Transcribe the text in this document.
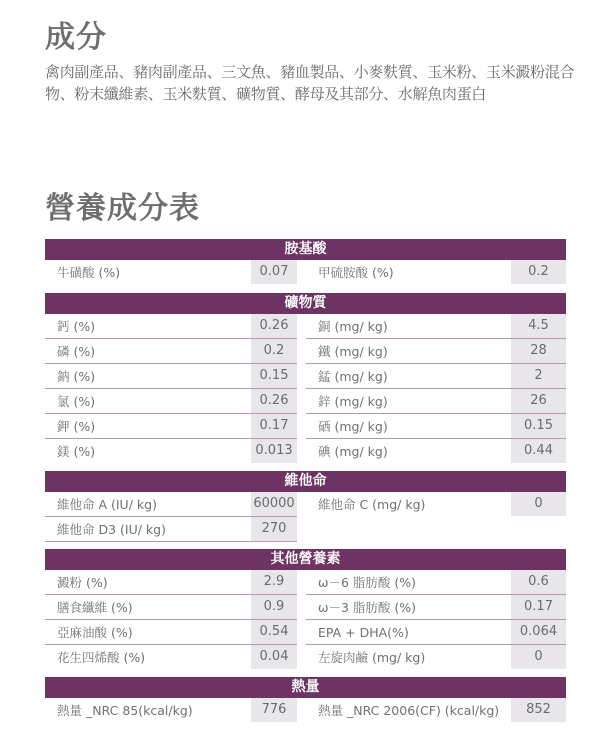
成分
禽肉副產品、豬肉副產品、三文魚、豬血製品、小麥麩質、玉米粉、玉米澱粉混合物、粉末纖維素、玉米麩質、礦物質、酵母及其部分、水解魚肉蛋白
營養成分表
胺基酸
牛磺酸 (%)	0.07	甲硫胺酸 (%)	0.2
礦物質
鈣 (%)	0.26	銅 (mg/ kg)	4.5
磷 (%)	0.2	鐵 (mg/ kg)	28
鈉 (%)	0.15	錳 (mg/ kg)	2
氯 (%)	0.26	鋅 (mg/ kg)	26
鉀 (%)	0.17	硒 (mg/ kg)	0.15
鎂 (%)	0.013	碘 (mg/ kg)	0.44
維他命
維他命 A (IU/ kg)	60000 維他命 C (mg/ kg)	0
維他命 D3 (IU/ kg)	270
其他營養素
澱粉 (%)	2.9	ω－6 脂肪酸 (%)	0.6
膳食纖維 (%)	0.9	ω－3 脂肪酸 (%)	0.17
亞麻油酸 (%)	0.54	EPA + DHA(%)	0.064
花生四烯酸 (%)	0.04	左旋肉鹼 (mg/ kg)	0
熱量
熱量 _NRC 85(kcal/kg)	776	熱量 _NRC 2006(CF) (kcal/kg)	852
